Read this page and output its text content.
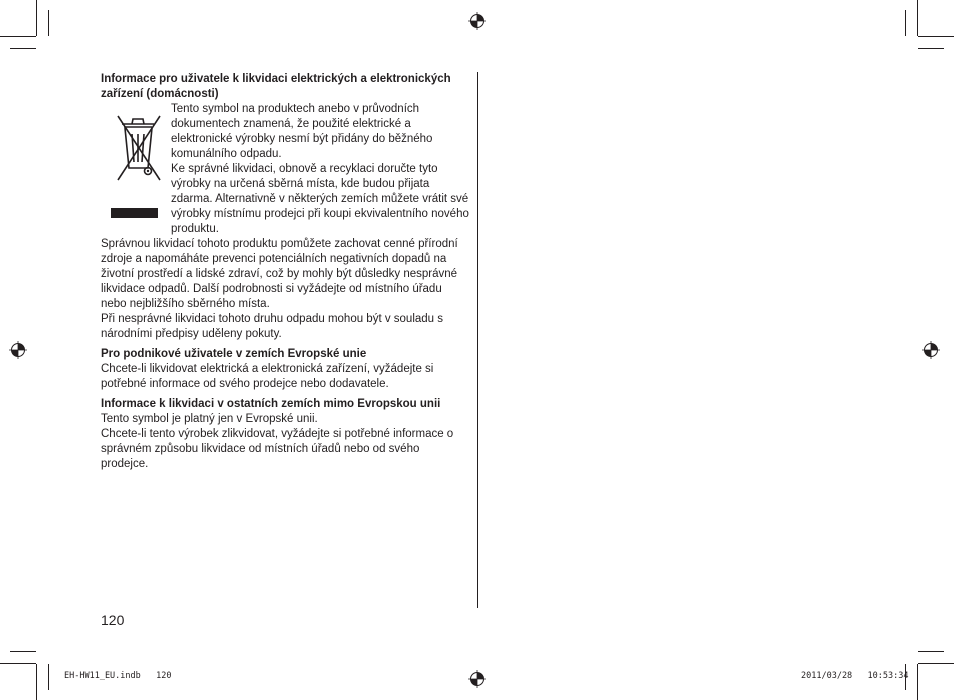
Informace pro uživatele k likvidaci elektrických a elektronických zařízení (domácnosti)

Tento symbol na produktech anebo v průvodních dokumentech znamená, že použité elektrické a elektronické výrobky nesmí být přidány do běžného komunálního odpadu.

Ke správné likvidaci, obnově a recyklaci doručte tyto výrobky na určená sběrná místa, kde budou přijata zdarma. Alternativně v některých zemích můžete vrátit své výrobky místnímu prodejci při koupi ekvivalentního nového produktu.

Správnou likvidací tohoto produktu pomůžete zachovat cenné přírodní zdroje a napomáháte prevenci potenciálních negativních dopadů na životní prostředí a lidské zdraví, což by mohly být důsledky nesprávné likvidace odpadů. Další podrobnosti si vyžádejte od místního úřadu nebo nejbližšího sběrného místa.

Při nesprávné likvidaci tohoto druhu odpadu mohou být v souladu s národními předpisy uděleny pokuty.

Pro podnikové uživatele v zemích Evropské unie

Chcete-li likvidovat elektrická a elektronická zařízení, vyžádejte si potřebné informace od svého prodejce nebo dodavatele.

Informace k likvidaci v ostatních zemích mimo Evropskou unii

Tento symbol je platný jen v Evropské unii.

Chcete-li tento výrobek zlikvidovat, vyžádejte si potřebné informace o správném způsobu likvidace od místních úřadů nebo od svého prodejce.

120
EH-HW11_EU.indb   120	2011/03/28   10:53:34
